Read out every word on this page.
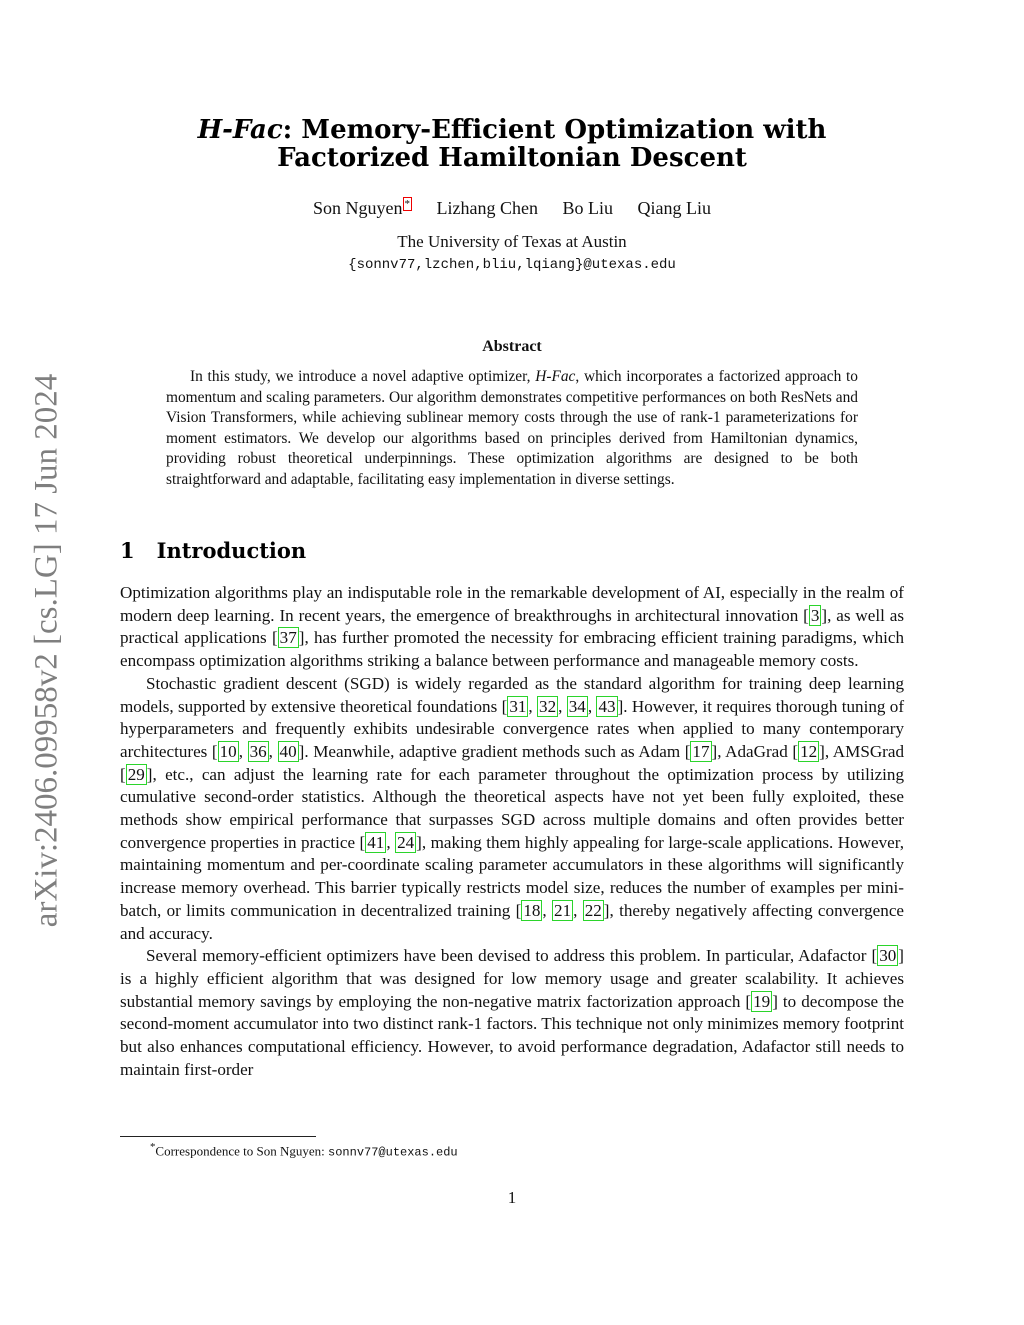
arXiv:2406.09958v2 [cs.LG] 17 Jun 2024
H-Fac: Memory-Efficient Optimization with
Factorized Hamiltonian Descent
Son Nguyen * Lizhang Chen Bo Liu Qiang Liu
The University of Texas at Austin
{sonnv77,lzchen,bliu,lqiang}@utexas.edu
Abstract

In this study, we introduce a novel adaptive optimizer, H-Fac, which incorporates a factorized approach to momentum and scaling parameters. Our algorithm demonstrates competitive performances on both ResNets and Vision Transformers, while achieving sublinear memory costs through the use of rank-1 parameterizations for moment estimators. We develop our algorithms based on principles derived from Hamiltonian dynamics, providing robust theoretical underpinnings. These optimization algorithms are designed to be both straightforward and adaptable, facilitating easy implementation in diverse settings.

1 Introduction

Optimization algorithms play an indisputable role in the remarkable development of AI, especially in the realm of modern deep learning. In recent years, the emergence of breakthroughs in architectural innovation [ 3 ], as well as practical applications [ 37 ], has further promoted the necessity for embracing efficient training paradigms, which encompass optimization algorithms striking a balance between performance and manageable memory costs.

Stochastic gradient descent (SGD) is widely regarded as the standard algorithm for training deep learning models, supported by extensive theoretical foundations [ 31 , 32 , 34 , 43 ]. However, it requires thorough tuning of hyperparameters and frequently exhibits undesirable convergence rates when applied to many contemporary architectures [ 10 , 36 , 40 ]. Meanwhile, adaptive gradient methods such as Adam [ 17 ], AdaGrad [ 12 ], AMSGrad [ 29 ], etc., can adjust the learning rate for each parameter throughout the optimization process by utilizing cumulative second-order statistics. Although the theoretical aspects have not yet been fully exploited, these methods show empirical performance that surpasses SGD across multiple domains and often provides better convergence properties in practice [ 41 , 24 ], making them highly appealing for large-scale applications. However, maintaining momentum and per-coordinate scaling parameter accumulators in these algorithms will significantly increase memory overhead. This barrier typically restricts model size, reduces the number of examples per mini-batch, or limits communication in decentralized training [ 18 , 21 , 22 ], thereby negatively affecting convergence and accuracy.

Several memory-efficient optimizers have been devised to address this problem. In particular, Adafactor [ 30 ] is a highly efficient algorithm that was designed for low memory usage and greater scalability. It achieves substantial memory savings by employing the non-negative matrix factorization approach [ 19 ] to decompose the second-moment accumulator into two distinct rank-1 factors. This technique not only minimizes memory footprint but also enhances computational efficiency. However, to avoid performance degradation, Adafactor still needs to maintain first-order

*Correspondence to Son Nguyen: sonnv77@utexas.edu
1
